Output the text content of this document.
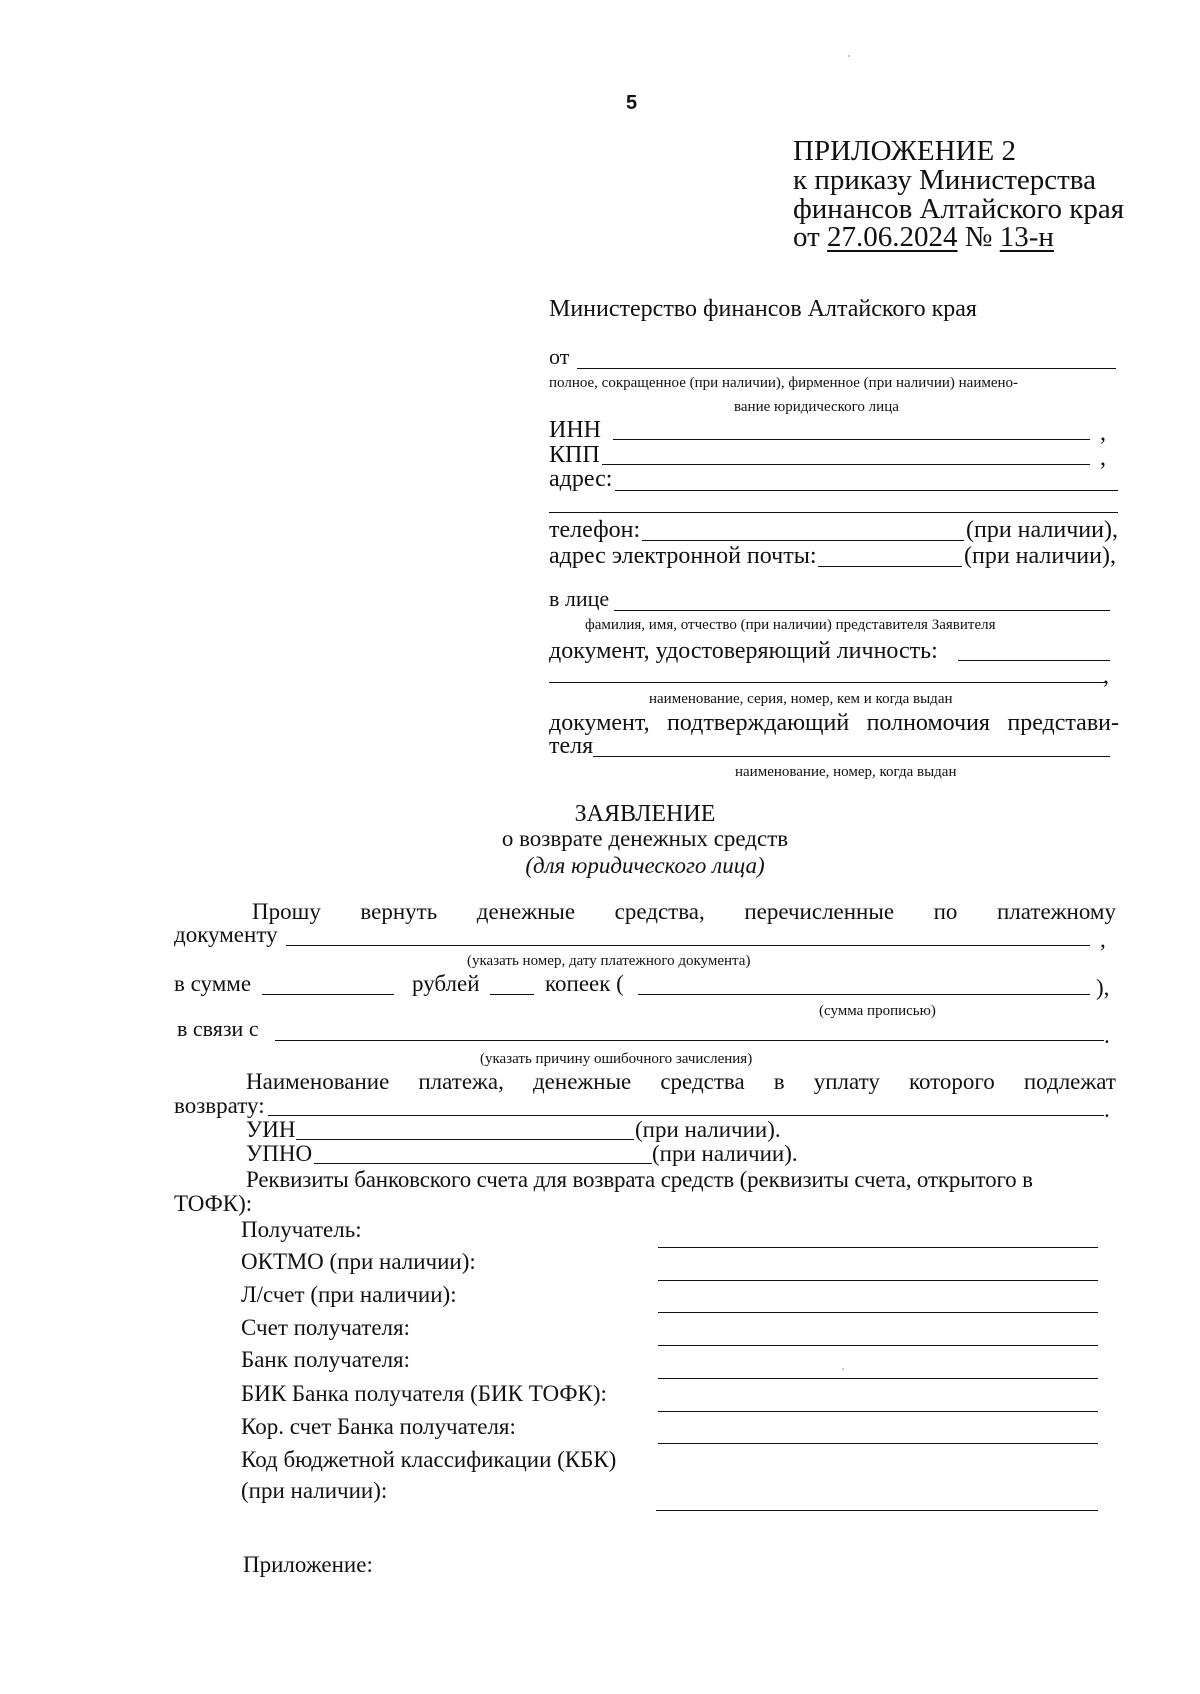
5
ПРИЛОЖЕНИЕ 2
к приказу Министерства
финансов Алтайского края
от 27.06.2024 № 13-н
Министерство финансов Алтайского края
от
полное, сокращенное (при наличии), фирменное (при наличии) наимено-
вание юридического лица
ИНН	,
КПП	,
адрес:
телефон:	(при наличии),
адрес электронной почты:	(при наличии),
в лице
фамилия, имя, отчество (при наличии) представителя Заявителя
документ, удостоверяющий личность:
,
наименование, серия, номер, кем и когда выдан
документ, подтверждающий полномочия представи-
теля
наименование, номер, когда выдан
ЗАЯВЛЕНИЕ
о возврате денежных средств
(для юридического лица)
Прошу вернуть денежные средства, перечисленные по платежному
документу	,
(указать номер, дату платежного документа)
в сумме	рублей	копеек (	),
(сумма прописью)
в связи с	.
(указать причину ошибочного зачисления)
Наименование платежа, денежные средства в уплату которого подлежат
возврату:	.
УИН	(при наличии).
УПНО	(при наличии).
Реквизиты банковского счета для возврата средств (реквизиты счета, открытого в
ТОФК):
Получатель:
ОКТМО (при наличии):
Л/счет (при наличии):
Счет получателя:
Банк получателя:
БИК Банка получателя (БИК ТОФК):
Кор. счет Банка получателя:
Код бюджетной классификации (КБК)
(при наличии):
Приложение:
